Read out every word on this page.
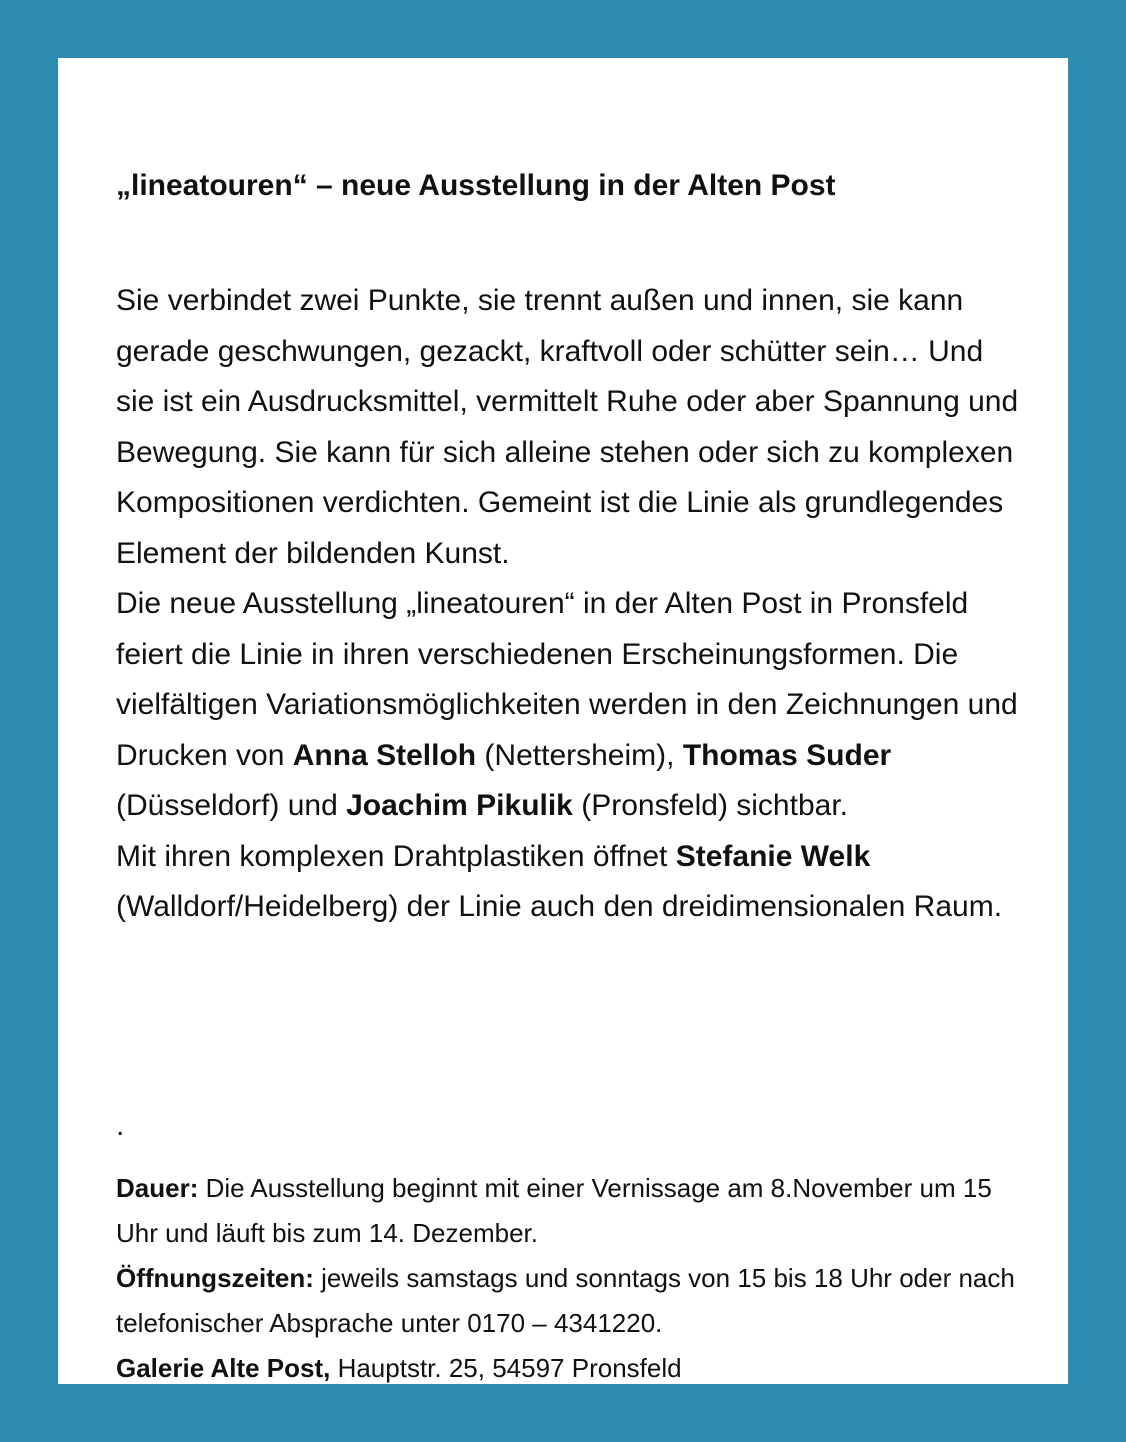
„lineatouren“ – neue Ausstellung in der Alten Post

Sie verbindet zwei Punkte, sie trennt außen und innen, sie kann gerade geschwungen, gezackt, kraftvoll oder schütter sein… Und sie ist ein Ausdrucksmittel, vermittelt Ruhe oder aber Spannung und Bewegung. Sie kann für sich alleine stehen oder sich zu komplexen Kompositionen verdichten. Gemeint ist die Linie als grundlegendes Element der bildenden Kunst.

Die neue Ausstellung „lineatouren“ in der Alten Post in Pronsfeld feiert die Linie in ihren verschiedenen Erscheinungsformen. Die vielfältigen Variationsmöglichkeiten werden in den Zeichnungen und Drucken von Anna Stelloh (Nettersheim), Thomas Suder (Düsseldorf) und Joachim Pikulik (Pronsfeld) sichtbar.

Mit ihren komplexen Drahtplastiken öffnet Stefanie Welk (Walldorf/Heidelberg) der Linie auch den dreidimensionalen Raum.

.

Dauer: Die Ausstellung beginnt mit einer Vernissage am 8.November um 15 Uhr und läuft bis zum 14. Dezember.

Öffnungszeiten: jeweils samstags und sonntags von 15 bis 18 Uhr oder nach telefonischer Absprache unter 0170 – 4341220.

Galerie Alte Post, Hauptstr. 25, 54597 Pronsfeld
